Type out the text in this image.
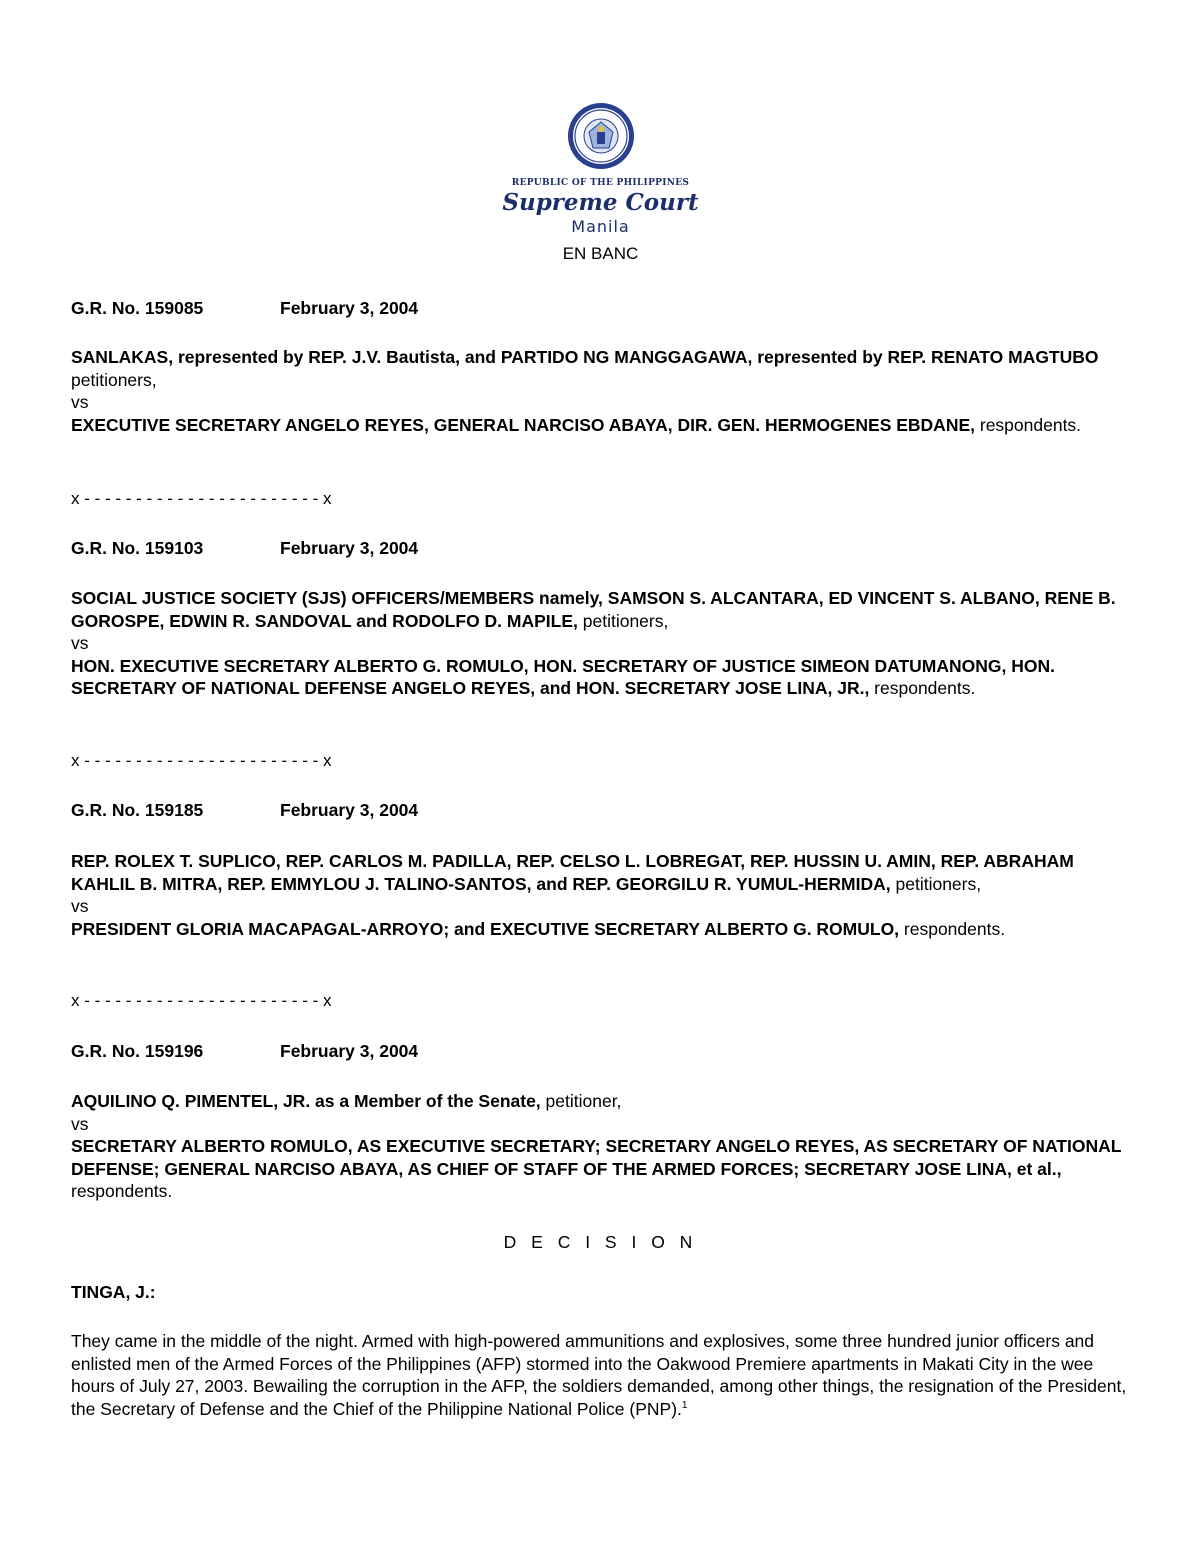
REPUBLIC OF THE PHILIPPINES
Supreme Court
Manila
EN BANC
G.R. No. 159085	February 3, 2004
SANLAKAS, represented by REP. J.V. Bautista, and PARTIDO NG MANGGAGAWA, represented by REP. RENATO MAGTUBO petitioners,
vs
EXECUTIVE SECRETARY ANGELO REYES, GENERAL NARCISO ABAYA, DIR. GEN. HERMOGENES EBDANE, respondents.
x - - - - - - - - - - - - - - - - - - - - - - - x
G.R. No. 159103	February 3, 2004
SOCIAL JUSTICE SOCIETY (SJS) OFFICERS/MEMBERS namely, SAMSON S. ALCANTARA, ED VINCENT S. ALBANO, RENE B. GOROSPE, EDWIN R. SANDOVAL and RODOLFO D. MAPILE, petitioners,
vs
HON. EXECUTIVE SECRETARY ALBERTO G. ROMULO, HON. SECRETARY OF JUSTICE SIMEON DATUMANONG, HON. SECRETARY OF NATIONAL DEFENSE ANGELO REYES, and HON. SECRETARY JOSE LINA, JR., respondents.
x - - - - - - - - - - - - - - - - - - - - - - - x
G.R. No. 159185	February 3, 2004
REP. ROLEX T. SUPLICO, REP. CARLOS M. PADILLA, REP. CELSO L. LOBREGAT, REP. HUSSIN U. AMIN, REP. ABRAHAM KAHLIL B. MITRA, REP. EMMYLOU J. TALINO-SANTOS, and REP. GEORGILU R. YUMUL-HERMIDA, petitioners,
vs
PRESIDENT GLORIA MACAPAGAL-ARROYO; and EXECUTIVE SECRETARY ALBERTO G. ROMULO, respondents.
x - - - - - - - - - - - - - - - - - - - - - - - x
G.R. No. 159196	February 3, 2004
AQUILINO Q. PIMENTEL, JR. as a Member of the Senate, petitioner,
vs
SECRETARY ALBERTO ROMULO, AS EXECUTIVE SECRETARY; SECRETARY ANGELO REYES, AS SECRETARY OF NATIONAL DEFENSE; GENERAL NARCISO ABAYA, AS CHIEF OF STAFF OF THE ARMED FORCES; SECRETARY JOSE LINA, et al., respondents.
D E C I S I O N
TINGA, J.:

They came in the middle of the night. Armed with high-powered ammunitions and explosives, some three hundred junior officers and enlisted men of the Armed Forces of the Philippines (AFP) stormed into the Oakwood Premiere apartments in Makati City in the wee hours of July 27, 2003. Bewailing the corruption in the AFP, the soldiers demanded, among other things, the resignation of the President, the Secretary of Defense and the Chief of the Philippine National Police (PNP).$^1$
